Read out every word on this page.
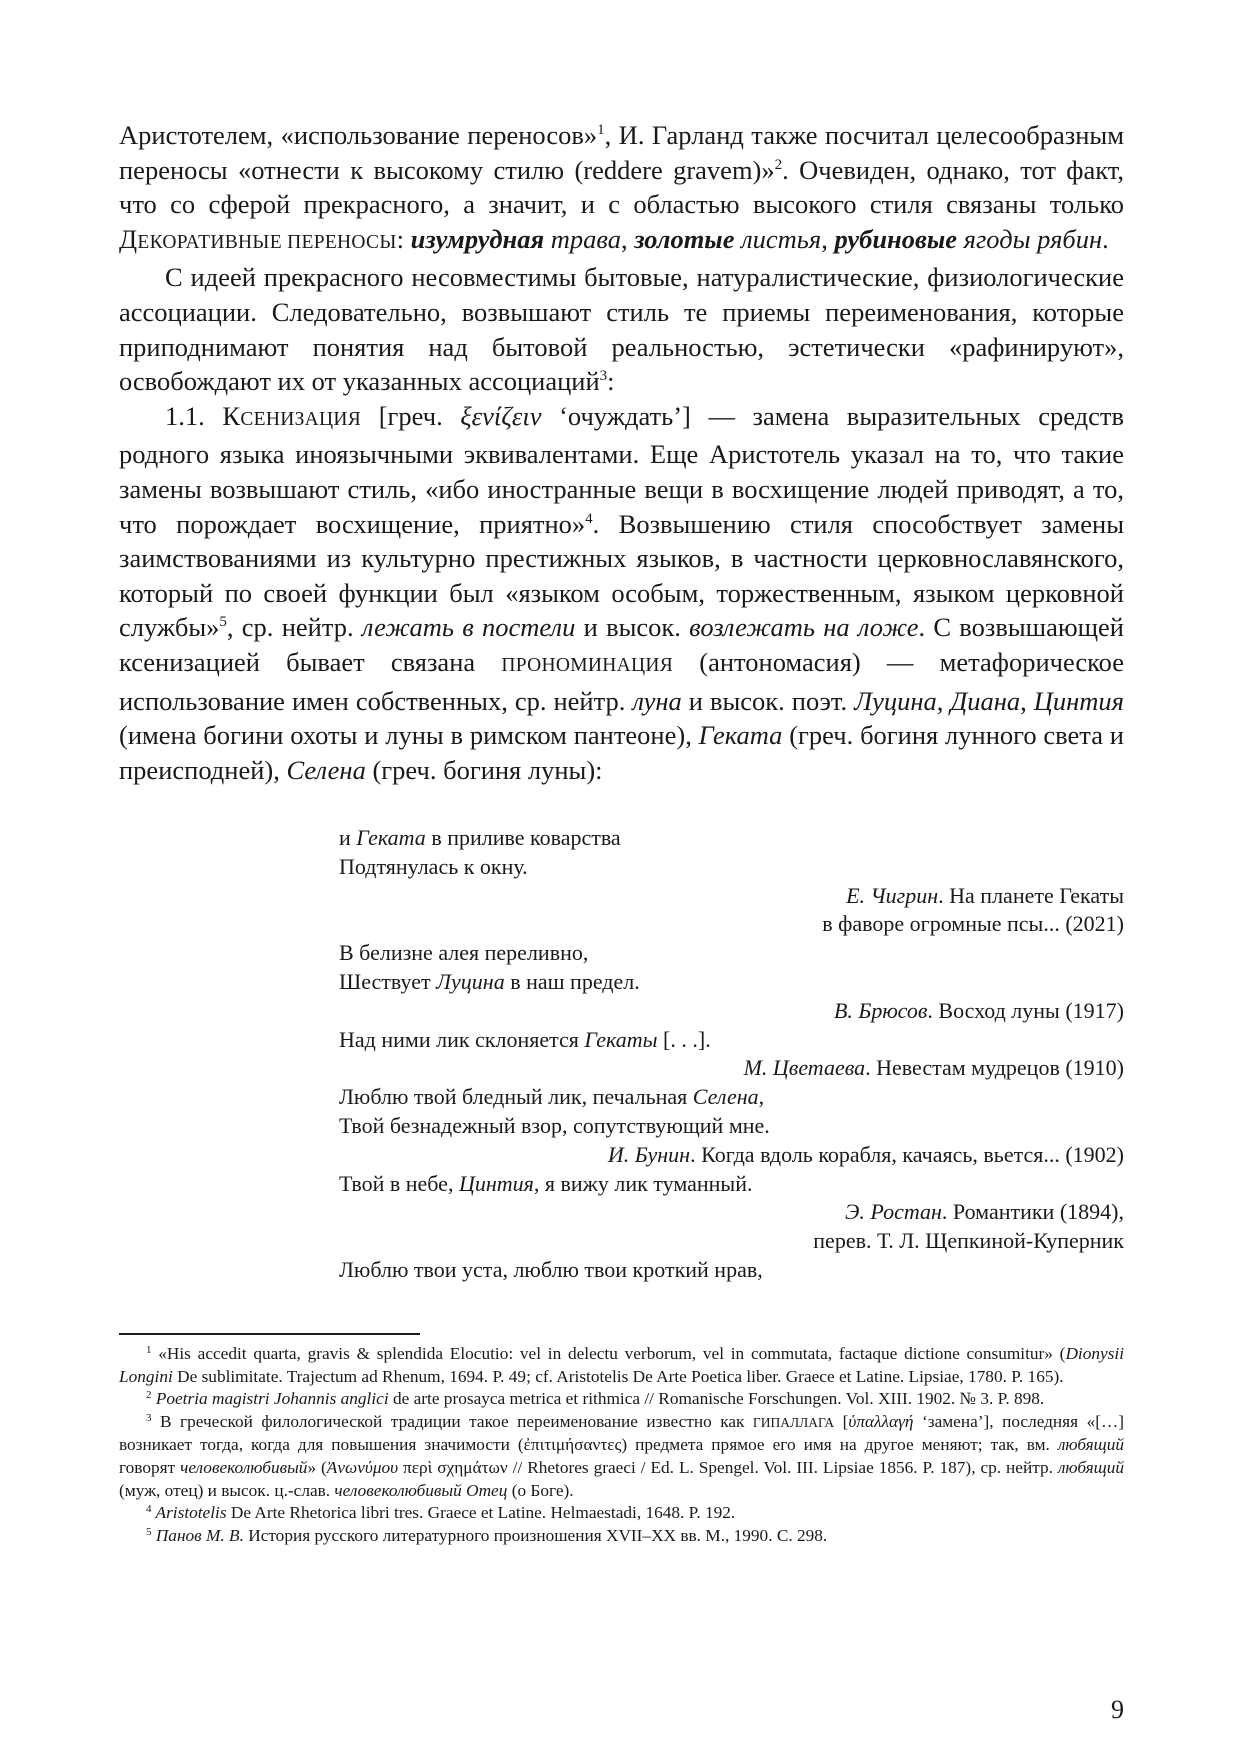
Аристотелем, «использование переносов»$^1$, И. Гарланд также посчитал целесообразным переносы «отнести к высокому стилю (reddere gravem)»$^2$. Очевиден, однако, тот факт, что со сферой прекрасного, а значит, и с областью высокого стиля связаны только ДЕКОРАТИВНЫЕ ПЕРЕНОСЫ: изумрудная трава, золотые листья, рубиновые ягоды рябин.

С идеей прекрасного несовместимы бытовые, натуралистические, физиологические ассоциации. Следовательно, возвышают стиль те приемы переименования, которые приподнимают понятия над бытовой реальностью, эстетически «рафинируют», освобождают их от указанных ассоциаций$^3$:

1.1. КСЕНИЗАЦИЯ [греч. ξενίζειν ‘очуждать’] — замена выразительных средств родного языка иноязычными эквивалентами. Еще Аристотель указал на то, что такие замены возвышают стиль, «ибо иностранные вещи в восхищение людей приводят, а то, что порождает восхищение, приятно»$^4$. Возвышению стиля способствует замены заимствованиями из культурно престижных языков, в частности церковнославянского, который по своей функции был «языком особым, торжественным, языком церковной службы»$^5$, ср. нейтр. лежать в постели и высок. возлежать на ложе. С возвышающей ксенизацией бывает связана ПРОНОМИНАЦИЯ (антономасия) — метафорическое использование имен собственных, ср. нейтр. луна и высок. поэт. Луцина, Диана, Цинтия (имена богини охоты и луны в римском пантеоне), Геката (греч. богиня лунного света и преисподней), Селена (греч. богиня луны):

и Геката в приливе коварства

Подтянулась к окну.

Е. Чигрин. На планете Гекаты

в фаворе огромные псы... (2021)

В белизне алея переливно,

Шествует Луцина в наш предел.

В. Брюсов. Восход луны (1917)

Над ними лик склоняется Гекаты [. . .].

М. Цветаева. Невестам мудрецов (1910)

Люблю твой бледный лик, печальная Селена,

Твой безнадежный взор, сопутствующий мне.

И. Бунин. Когда вдоль корабля, качаясь, вьется... (1902)

Твой в небе, Цинтия, я вижу лик туманный.

Э. Ростан. Романтики (1894),

перев. Т. Л. Щепкиной-Куперник

Люблю твои уста, люблю твои кроткий нрав,

$^1$ «His accedit quarta, gravis & splendida Elocutio: vel in delectu verborum, vel in commutata, factaque dictione consumitur» (Dionysii Longini De sublimitate. Trajectum ad Rhenum, 1694. P. 49; cf. Aristotelis De Arte Poetica liber. Graece et Latine. Lipsiae, 1780. P. 165).

$^2$ Poetria magistri Johannis anglici de arte prosayca metrica et rithmica // Romanische Forschungen. Vol. XIII. 1902. № 3. P. 898.

$^3$ В греческой филологической традиции такое переименование известно как ГИПАЛЛАГА [ὑπαλλαγή ‘замена’], последняя «[…] возникает тогда, когда для повышения значимости (ἐπιτιμήσαντες) предмета прямое его имя на другое меняют; так, вм. любящий говорят человеколюбивый» (Ἀνωνύμου περὶ σχημάτων // Rhetores graeci / Ed. L. Spengel. Vol. III. Lipsiae 1856. P. 187), ср. нейтр. любящий (муж, отец) и высок. ц.-слав. человеколюбивый Отец (о Боге).

$^4$ Aristotelis De Arte Rhetorica libri tres. Graece et Latine. Helmaestadi, 1648. P. 192.

$^5$ Панов М. В. История русского литературного произношения XVII–XX вв. М., 1990. С. 298.

9
